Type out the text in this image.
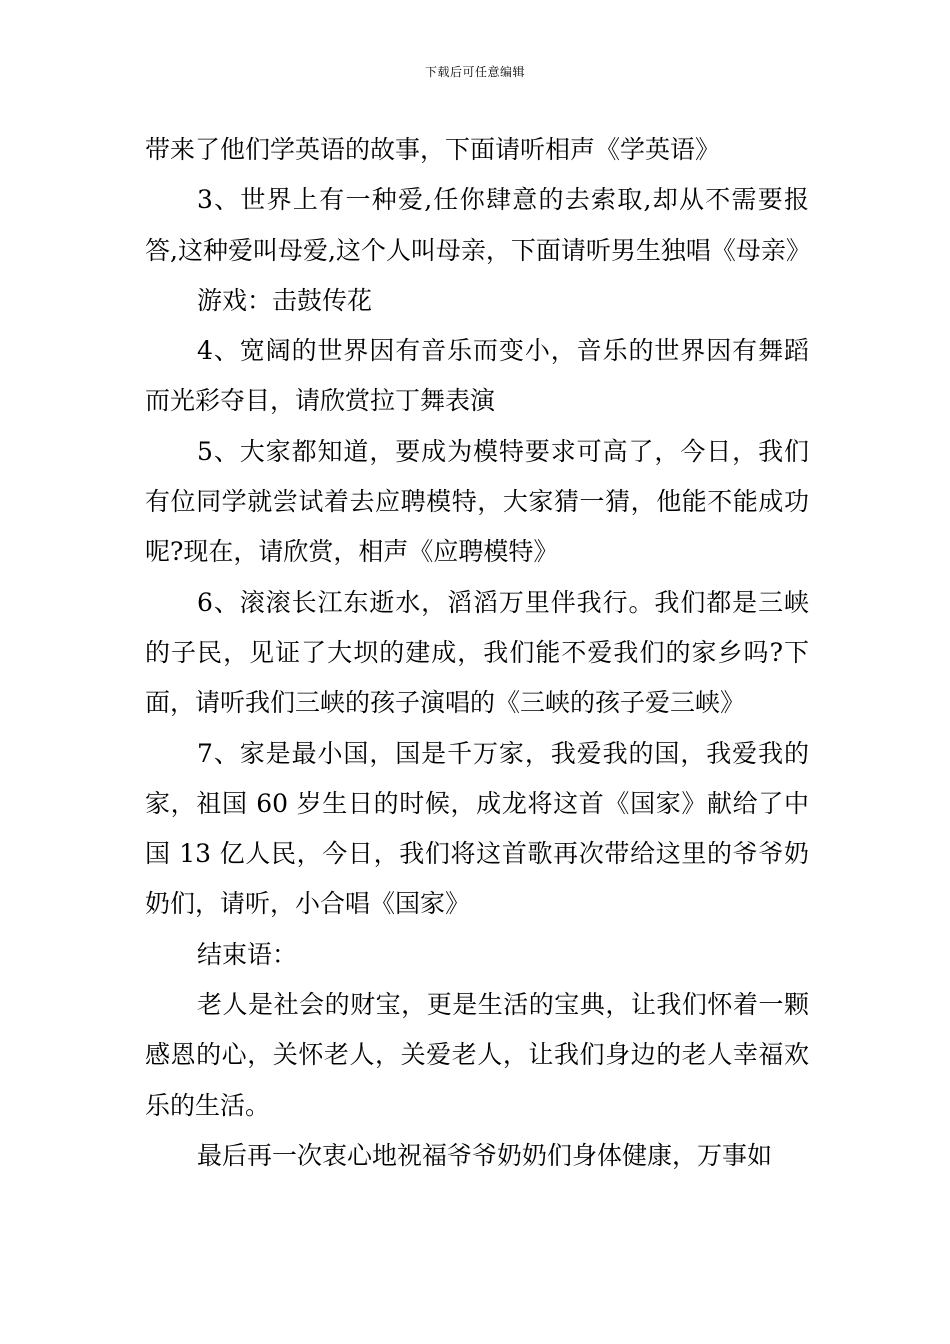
下载后可任意编辑

带来了他们学英语的故事，下面请听相声《学英语》

3、世界上有一种爱,任你肆意的去索取,却从不需要报答,这种爱叫母爱,这个人叫母亲，下面请听男生独唱《母亲》

游戏：击鼓传花

4、宽阔的世界因有音乐而变小，音乐的世界因有舞蹈而光彩夺目，请欣赏拉丁舞表演

5、大家都知道，要成为模特要求可高了，今日，我们有位同学就尝试着去应聘模特，大家猜一猜，他能不能成功呢?现在，请欣赏，相声《应聘模特》

6、滚滚长江东逝水，滔滔万里伴我行。我们都是三峡的子民，见证了大坝的建成，我们能不爱我们的家乡吗?下面，请听我们三峡的孩子演唱的《三峡的孩子爱三峡》

7、家是最小国，国是千万家，我爱我的国，我爱我的家，祖国 60 岁生日的时候，成龙将这首《国家》献给了中国 13 亿人民，今日，我们将这首歌再次带给这里的爷爷奶奶们，请听，小合唱《国家》

结束语：

老人是社会的财宝，更是生活的宝典，让我们怀着一颗感恩的心，关怀老人，关爱老人，让我们身边的老人幸福欢乐的生活。

最后再一次衷心地祝福爷爷奶奶们身体健康，万事如
